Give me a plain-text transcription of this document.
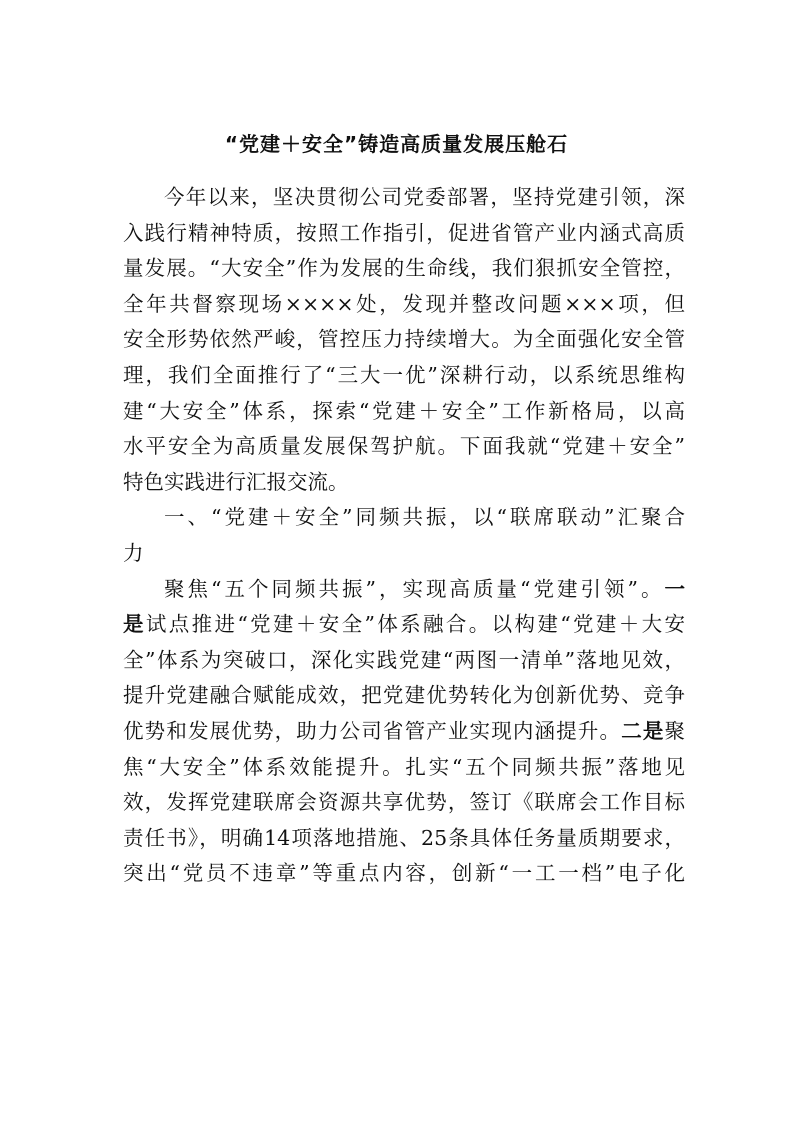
“党建＋安全”铸造高质量发展压舱石
今年以来，坚决贯彻公司党委部署，坚持党建引领，深
入践行精神特质，按照工作指引，促进省管产业内涵式高质
量发展。“大安全”作为发展的生命线，我们狠抓安全管控，
全年共督察现场××××处，发现并整改问题×××项，但
安全形势依然严峻，管控压力持续增大。为全面强化安全管
理，我们全面推行了“三大一优”深耕行动，以系统思维构
建“大安全”体系，探索“党建＋安全”工作新格局，以高
水平安全为高质量发展保驾护航。下面我就“党建＋安全”
特色实践进行汇报交流。
一、“党建＋安全”同频共振，以“联席联动”汇聚合
力
聚焦“五个同频共振”，实现高质量“党建引领”。一
是试点推进“党建＋安全”体系融合。以构建“党建＋大安
全”体系为突破口，深化实践党建“两图一清单”落地见效，
提升党建融合赋能成效，把党建优势转化为创新优势、竞争
优势和发展优势，助力公司省管产业实现内涵提升。二是聚
焦“大安全”体系效能提升。扎实“五个同频共振”落地见
效，发挥党建联席会资源共享优势，签订《联席会工作目标
责任书》，明确14项落地措施、25条具体任务量质期要求，
突出“党员不违章”等重点内容，创新“一工一档”电子化
